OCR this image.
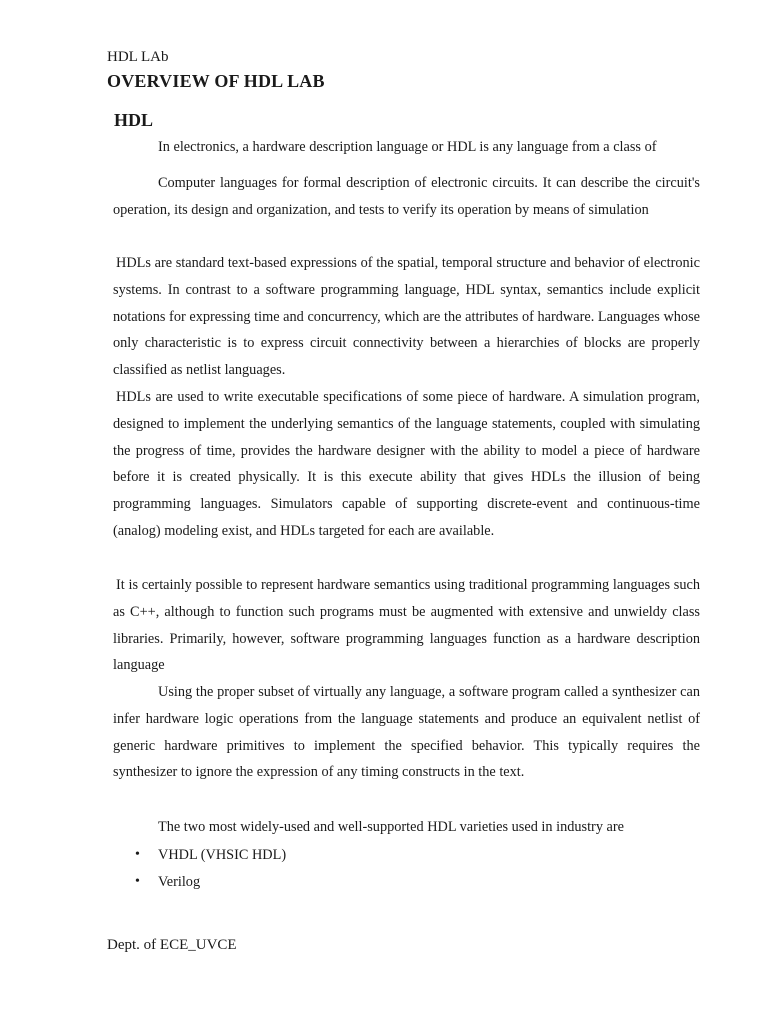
HDL LAb
OVERVIEW OF HDL LAB
HDL

In electronics, a hardware description language or HDL is any language from a class of

Computer languages for formal description of electronic circuits. It can describe the circuit's operation, its design and organization, and tests to verify its operation by means of simulation

HDLs are standard text-based expressions of the spatial, temporal structure and behavior of electronic systems. In contrast to a software programming language, HDL syntax, semantics include explicit notations for expressing time and concurrency, which are the attributes of hardware. Languages whose only characteristic is to express circuit connectivity between a hierarchies of blocks are properly classified as netlist languages.

HDLs are used to write executable specifications of some piece of hardware. A simulation program, designed to implement the underlying semantics of the language statements, coupled with simulating the progress of time, provides the hardware designer with the ability to model a piece of hardware before it is created physically. It is this execute ability that gives HDLs the illusion of being programming languages. Simulators capable of supporting discrete-event and continuous-time (analog) modeling exist, and HDLs targeted for each are available.

It is certainly possible to represent hardware semantics using traditional programming languages such as C++, although to function such programs must be augmented with extensive and unwieldy class libraries. Primarily, however, software programming languages function as a hardware description language

Using the proper subset of virtually any language, a software program called a synthesizer can infer hardware logic operations from the language statements and produce an equivalent netlist of generic hardware primitives to implement the specified behavior. This typically requires the synthesizer to ignore the expression of any timing constructs in the text.

The two most widely-used and well-supported HDL varieties used in industry are

• VHDL (VHSIC HDL)
• Verilog
Dept. of ECE_UVCE
